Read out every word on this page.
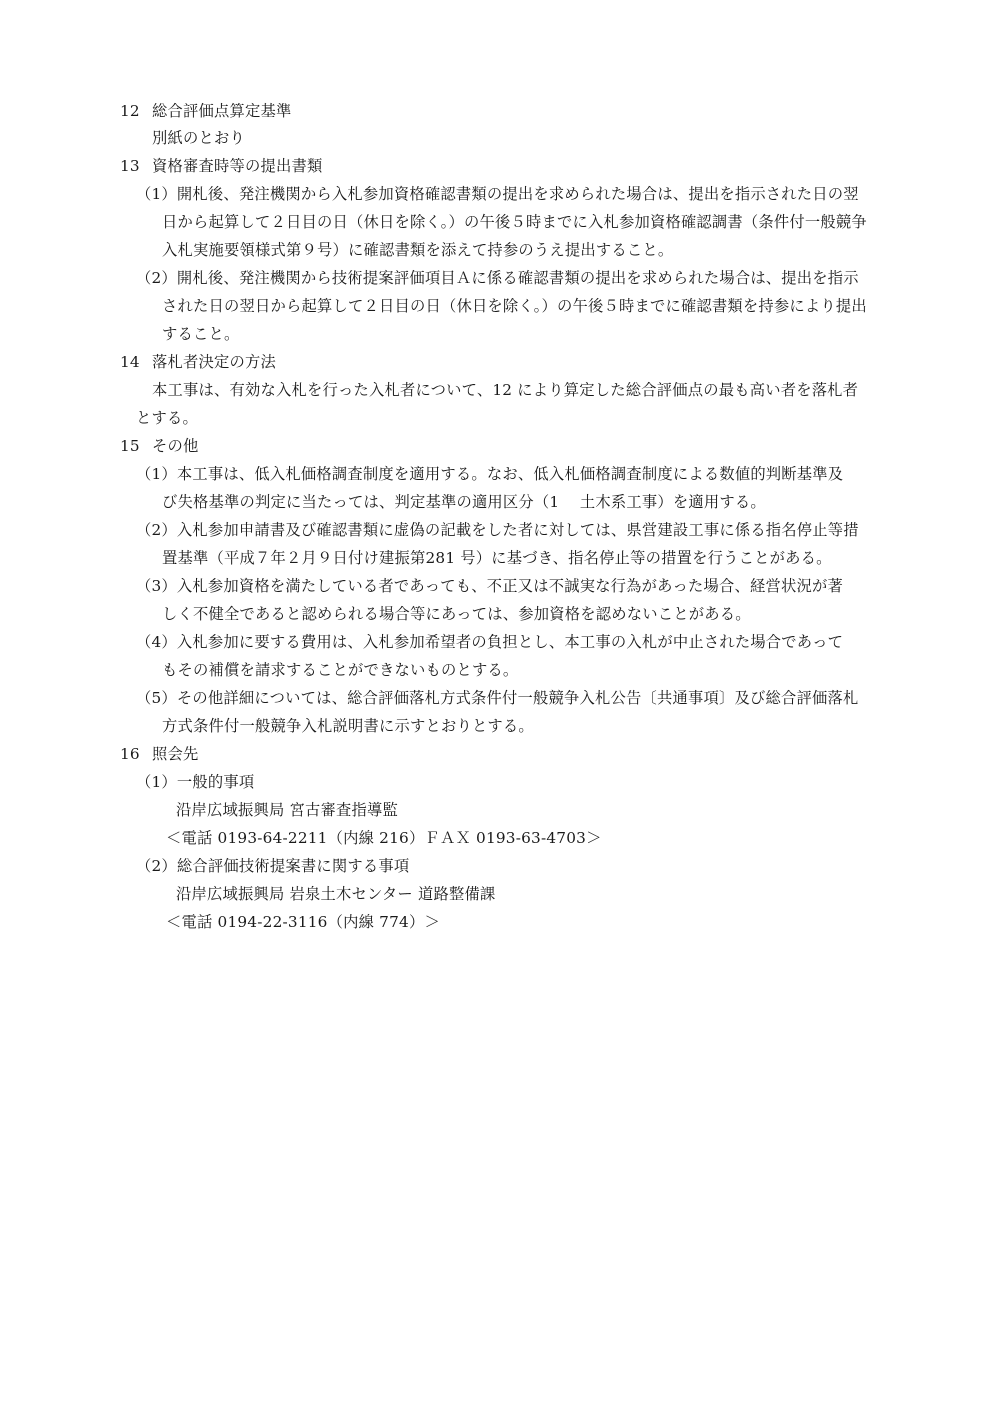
12 総合評価点算定基準
別紙のとおり
13 資格審査時等の提出書類
（1）開札後、発注機関から入札参加資格確認書類の提出を求められた場合は、提出を指示された日の翌
日から起算して２日目の日（休日を除く。）の午後５時までに入札参加資格確認調書（条件付一般競争
入札実施要領様式第９号）に確認書類を添えて持参のうえ提出すること。
（2）開札後、発注機関から技術提案評価項目Ａに係る確認書類の提出を求められた場合は、提出を指示
された日の翌日から起算して２日目の日（休日を除く。）の午後５時までに確認書類を持参により提出
すること。
14 落札者決定の方法
本工事は、有効な入札を行った入札者について、12 により算定した総合評価点の最も高い者を落札者
とする。
15 その他
（1）本工事は、低入札価格調査制度を適用する。なお、低入札価格調査制度による数値的判断基準及
び失格基準の判定に当たっては、判定基準の適用区分（1　 土木系工事）を適用する。
（2）入札参加申請書及び確認書類に虚偽の記載をした者に対しては、県営建設工事に係る指名停止等措
置基準（平成７年２月９日付け建振第281 号）に基づき、指名停止等の措置を行うことがある。
（3）入札参加資格を満たしている者であっても、不正又は不誠実な行為があった場合、経営状況が著
しく不健全であると認められる場合等にあっては、参加資格を認めないことがある。
（4）入札参加に要する費用は、入札参加希望者の負担とし、本工事の入札が中止された場合であって
もその補償を請求することができないものとする。
（5）その他詳細については、総合評価落札方式条件付一般競争入札公告〔共通事項〕及び総合評価落札
方式条件付一般競争入札説明書に示すとおりとする。
16 照会先
（1）一般的事項
沿岸広域振興局 宮古審査指導監
＜電話 0193-64-2211（内線 216）ＦＡＸ 0193-63-4703＞
（2）総合評価技術提案書に関する事項
沿岸広域振興局 岩泉土木センター 道路整備課
＜電話 0194-22-3116（内線 774）＞
